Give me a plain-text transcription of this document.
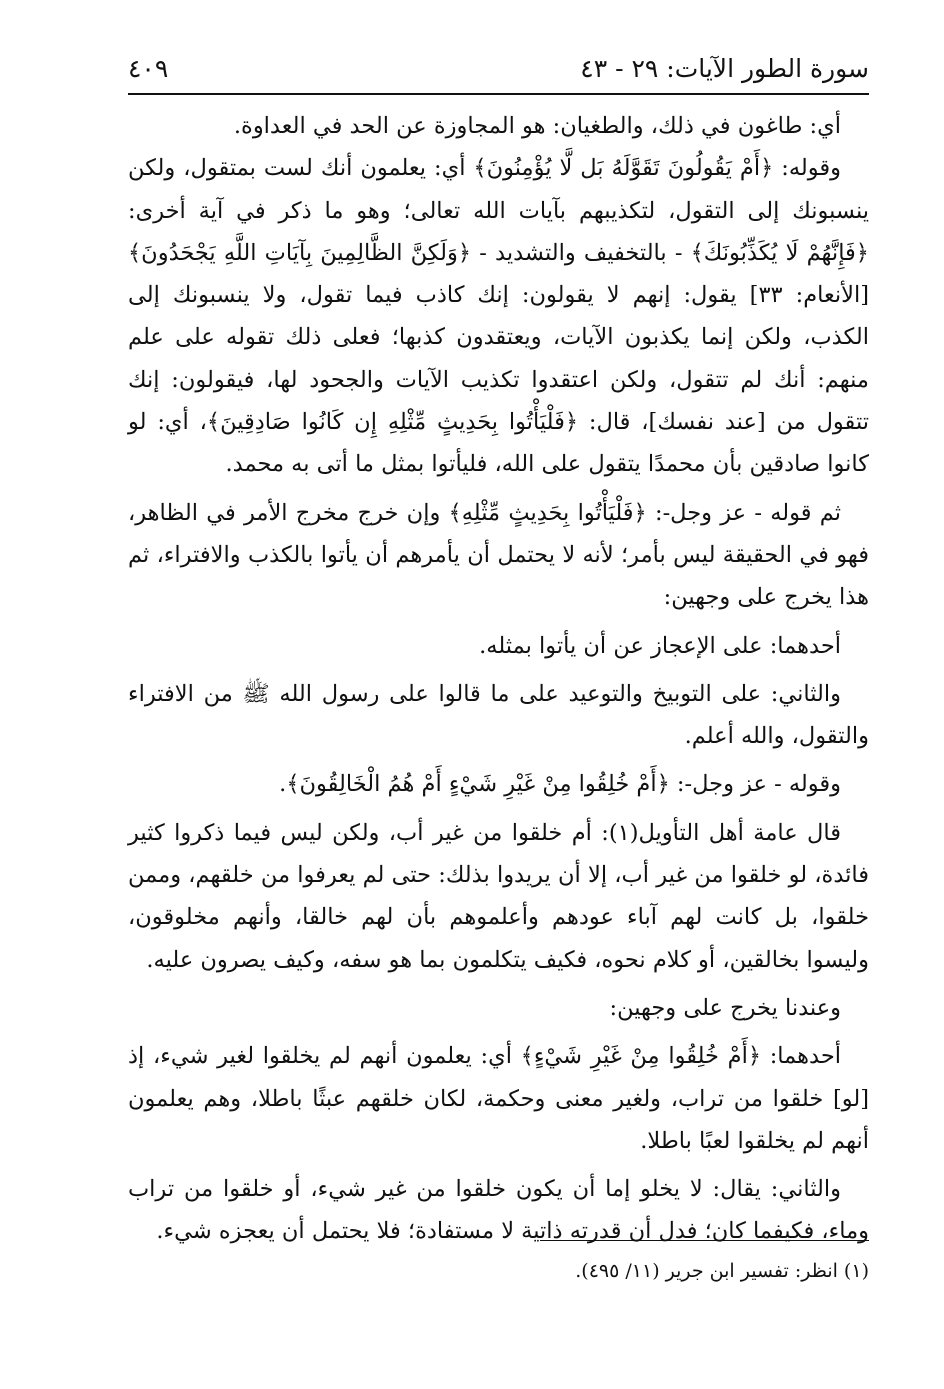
سورة الطور الآيات: ٢٩ - ٤٣
٤٠٩

أي: طاغون في ذلك، والطغيان: هو المجاوزة عن الحد في العداوة.

وقوله: ﴿أَمْ يَقُولُونَ تَقَوَّلَهُ بَل لَّا يُؤْمِنُونَ﴾ أي: يعلمون أنك لست بمتقول، ولكن ينسبونك إلى التقول، لتكذيبهم بآيات الله تعالى؛ وهو ما ذكر في آية أخرى: ﴿فَإِنَّهُمْ لَا يُكَذِّبُونَكَ﴾ - بالتخفيف والتشديد - ﴿وَلَكِنَّ الظَّالِمِينَ بِآيَاتِ اللَّهِ يَجْحَدُونَ﴾ [الأنعام: ٣٣] يقول: إنهم لا يقولون: إنك كاذب فيما تقول، ولا ينسبونك إلى الكذب، ولكن إنما يكذبون الآيات، ويعتقدون كذبها؛ فعلى ذلك تقوله على علم منهم: أنك لم تتقول، ولكن اعتقدوا تكذيب الآيات والجحود لها، فيقولون: إنك تتقول من [عند نفسك]، قال: ﴿فَلْيَأْتُوا بِحَدِيثٍ مِّثْلِهِ إِن كَانُوا صَادِقِينَ﴾، أي: لو كانوا صادقين بأن محمدًا يتقول على الله، فليأتوا بمثل ما أتى به محمد.

ثم قوله - عز وجل-: ﴿فَلْيَأْتُوا بِحَدِيثٍ مِّثْلِهِ﴾ وإن خرج مخرج الأمر في الظاهر، فهو في الحقيقة ليس بأمر؛ لأنه لا يحتمل أن يأمرهم أن يأتوا بالكذب والافتراء، ثم هذا يخرج على وجهين:

أحدهما: على الإعجاز عن أن يأتوا بمثله.

والثاني: على التوبيخ والتوعيد على ما قالوا على رسول الله ﷺ من الافتراء والتقول، والله أعلم.

وقوله - عز وجل-: ﴿أَمْ خُلِقُوا مِنْ غَيْرِ شَيْءٍ أَمْ هُمُ الْخَالِقُونَ﴾.

قال عامة أهل التأويل(١): أم خلقوا من غير أب، ولكن ليس فيما ذكروا كثير فائدة، لو خلقوا من غير أب، إلا أن يريدوا بذلك: حتى لم يعرفوا من خلقهم، وممن خلقوا، بل كانت لهم آباء عودهم وأعلموهم بأن لهم خالقا، وأنهم مخلوقون، وليسوا بخالقين، أو كلام نحوه، فكيف يتكلمون بما هو سفه، وكيف يصرون عليه.

وعندنا يخرج على وجهين:

أحدهما: ﴿أَمْ خُلِقُوا مِنْ غَيْرِ شَيْءٍ﴾ أي: يعلمون أنهم لم يخلقوا لغير شيء، إذ [لو] خلقوا من تراب، ولغير معنى وحكمة، لكان خلقهم عبثًا باطلا، وهم يعلمون أنهم لم يخلقوا لعبًا باطلا.

والثاني: يقال: لا يخلو إما أن يكون خلقوا من غير شيء، أو خلقوا من تراب وماء، فكيفما كان؛ فدل أن قدرته ذاتية لا مستفادة؛ فلا يحتمل أن يعجزه شيء.

(١) انظر: تفسير ابن جرير (١١/ ٤٩٥).
